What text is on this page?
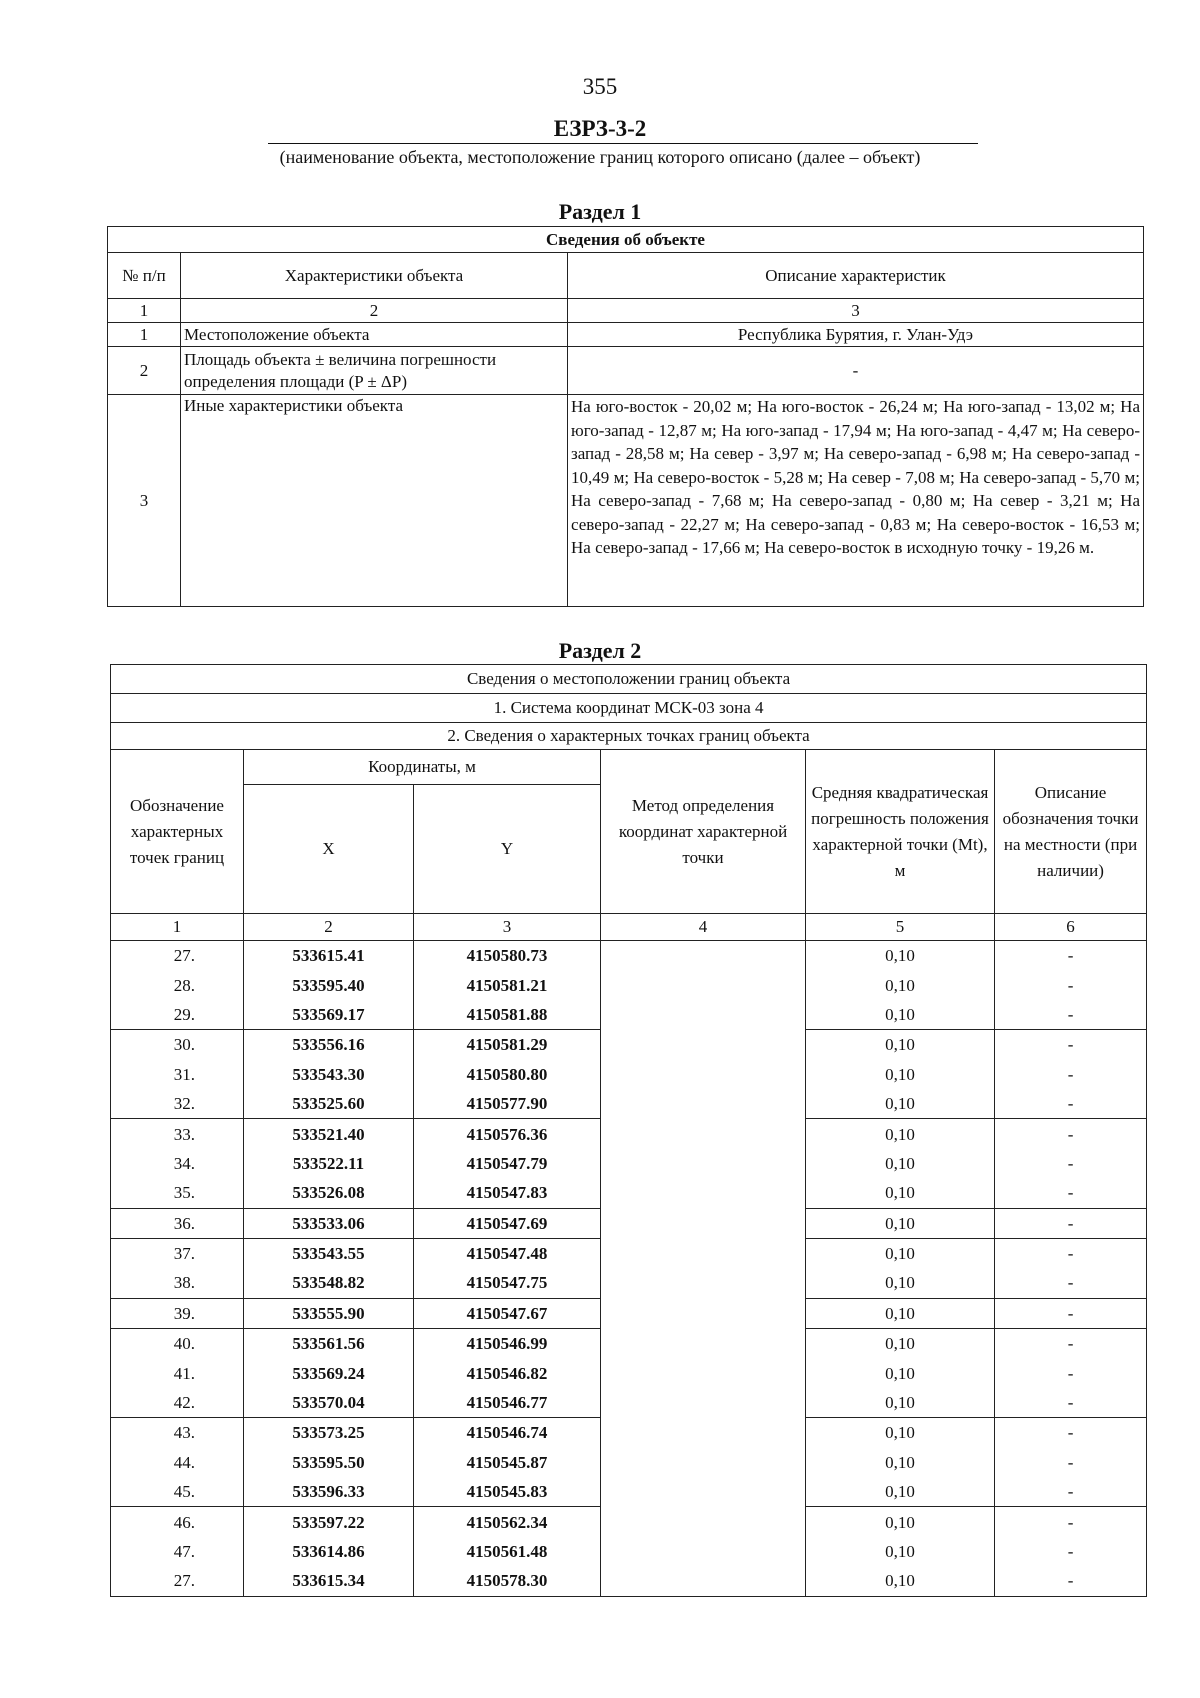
355
ЕЗРЗ-3-2
(наименование объекта, местоположение границ которого описано (далее – объект)
Раздел 1
Сведения об объекте		
№ п/п	Характеристики объекта	Описание характеристик
1	2	3
1	Местоположение объекта	Республика Бурятия, г. Улан-Удэ
2	Площадь объекта ± величина погрешности определения площади (P ± ΔP)	-
3	Иные характеристики объекта	На юго-восток - 20,02 м; На юго-восток - 26,24 м; На юго-запад - 13,02 м; На юго-запад - 12,87 м; На юго-запад - 17,94 м; На юго-запад - 4,47 м; На северо-запад - 28,58 м; На север - 3,97 м; На северо-запад - 6,98 м; На северо-запад - 10,49 м; На северо-восток - 5,28 м; На север - 7,08 м; На северо-запад - 5,70 м; На северо-запад - 7,68 м; На северо-запад - 0,80 м; На север - 3,21 м; На северо-запад - 22,27 м; На северо-запад - 0,83 м; На северо-восток - 16,53 м; На северо-запад - 17,66 м; На северо-восток в исходную точку - 19,26 м.
Раздел 2
Сведения о местоположении границ объекта					
1. Система координат МСК-03 зона 4					
2. Сведения о характерных точках границ объекта					
Обозначение характерных точек границ	Координаты, м		Метод определения координат характерной точки	Средняя квадратическая погрешность положения характерной точки (Mt), м	Описание обозначения точки на местности (при наличии)
	X	Y			
1	2	3	4	5	6
27.	533615.41	4150580.73		0,10	-
28.	533595.40	4150581.21		0,10	-
29.	533569.17	4150581.88		0,10	-
30.	533556.16	4150581.29		0,10	-
31.	533543.30	4150580.80		0,10	-
32.	533525.60	4150577.90		0,10	-
33.	533521.40	4150576.36		0,10	-
34.	533522.11	4150547.79		0,10	-
35.	533526.08	4150547.83		0,10	-
36.	533533.06	4150547.69		0,10	-
37.	533543.55	4150547.48		0,10	-
38.	533548.82	4150547.75		0,10	-
39.	533555.90	4150547.67		0,10	-
40.	533561.56	4150546.99		0,10	-
41.	533569.24	4150546.82		0,10	-
42.	533570.04	4150546.77		0,10	-
43.	533573.25	4150546.74		0,10	-
44.	533595.50	4150545.87		0,10	-
45.	533596.33	4150545.83		0,10	-
46.	533597.22	4150562.34		0,10	-
47.	533614.86	4150561.48		0,10	-
27.	533615.34	4150578.30		0,10	-
